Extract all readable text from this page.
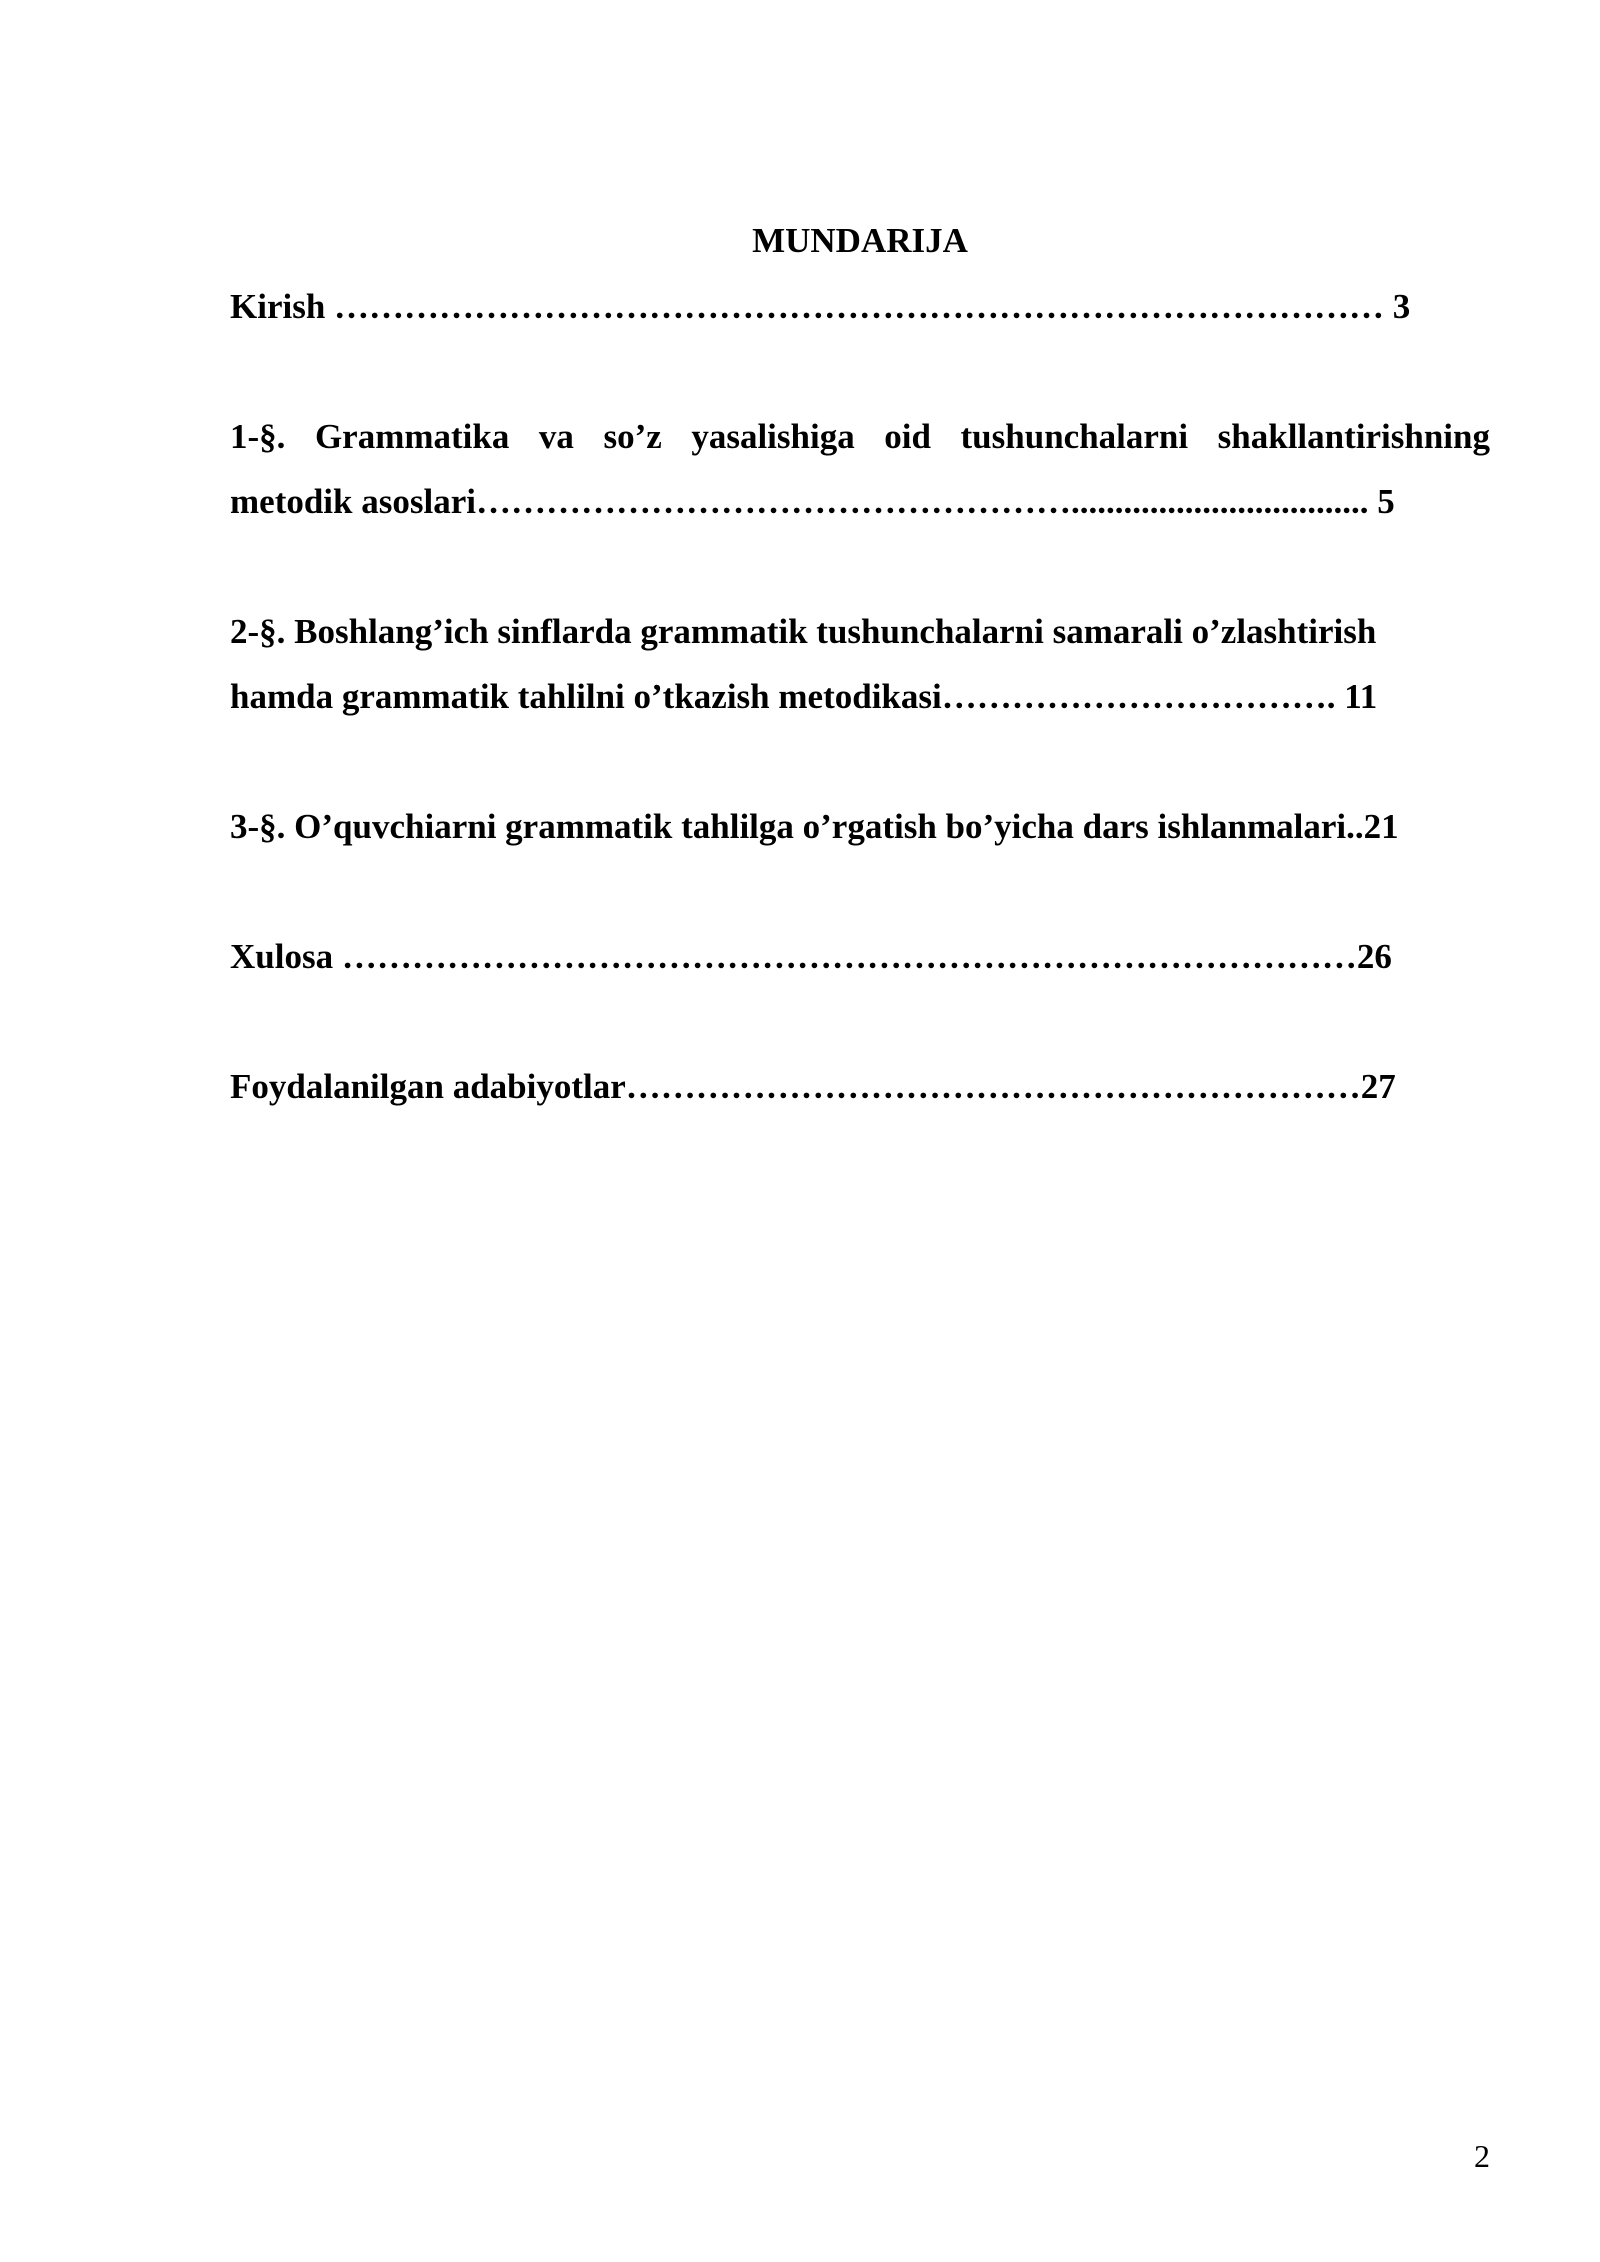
MUNDARIJA

Kirish ……………………………………………………………………………… 3

1-§. Grammatika va so’z yasalishiga oid tushunchalarni shakllantirishning

metodik asoslari…………………………………………….................................. 5

2-§. Boshlang’ich sinflarda grammatik tushunchalarni samarali o’zlashtirish

hamda grammatik tahlilni o’tkazish metodikasi……………………………. 11

3-§. O’quvchiarni grammatik tahlilga o’rgatish bo’yicha dars ishlanmalari..21

Xulosa ……………………………………………………………………………26

Foydalanilgan adabiyotlar………………………………………………………27

2
